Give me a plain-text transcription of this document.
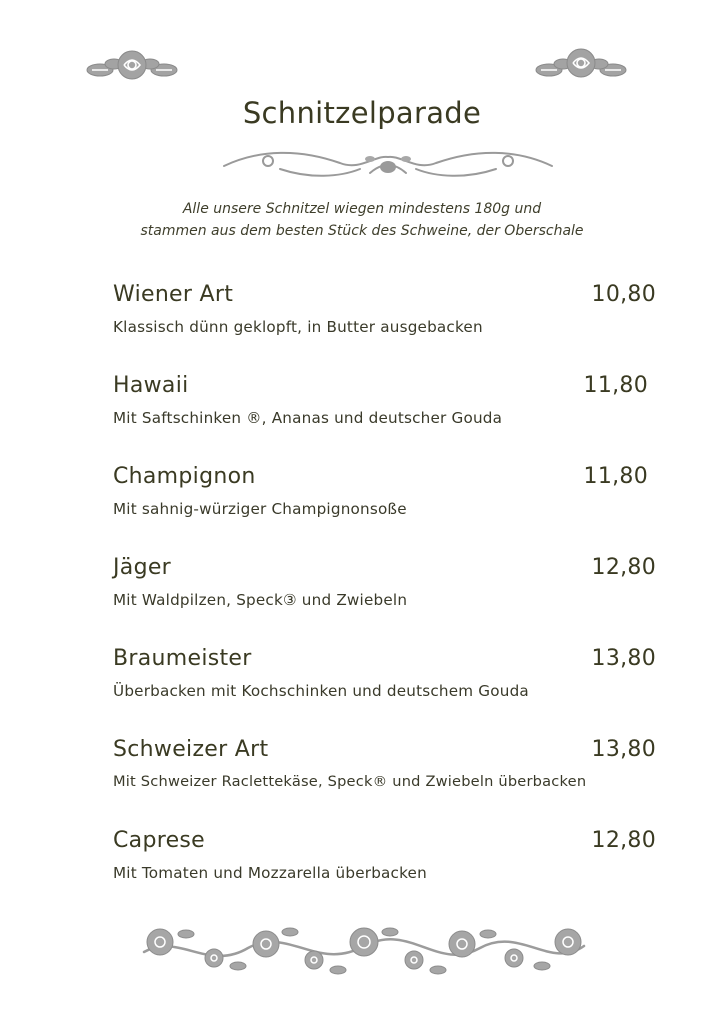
Schnitzelparade
Alle unsere Schnitzel wiegen mindestens 180g und
stammen aus dem besten Stück des Schweine, der Oberschale
Wiener Art	10,80
Klassisch dünn geklopft, in Butter ausgebacken
Hawaii	11,80
Mit Saftschinken ®, Ananas und deutscher Gouda
Champignon	11,80
Mit sahnig-würziger Champignonsoße
Jäger	12,80
Mit Waldpilzen, Speck③ und Zwiebeln
Braumeister	13,80
Überbacken mit Kochschinken und deutschem Gouda
Schweizer Art	13,80
Mit Schweizer Raclettekäse, Speck® und Zwiebeln überbacken
Caprese	12,80
Mit Tomaten und Mozzarella überbacken
